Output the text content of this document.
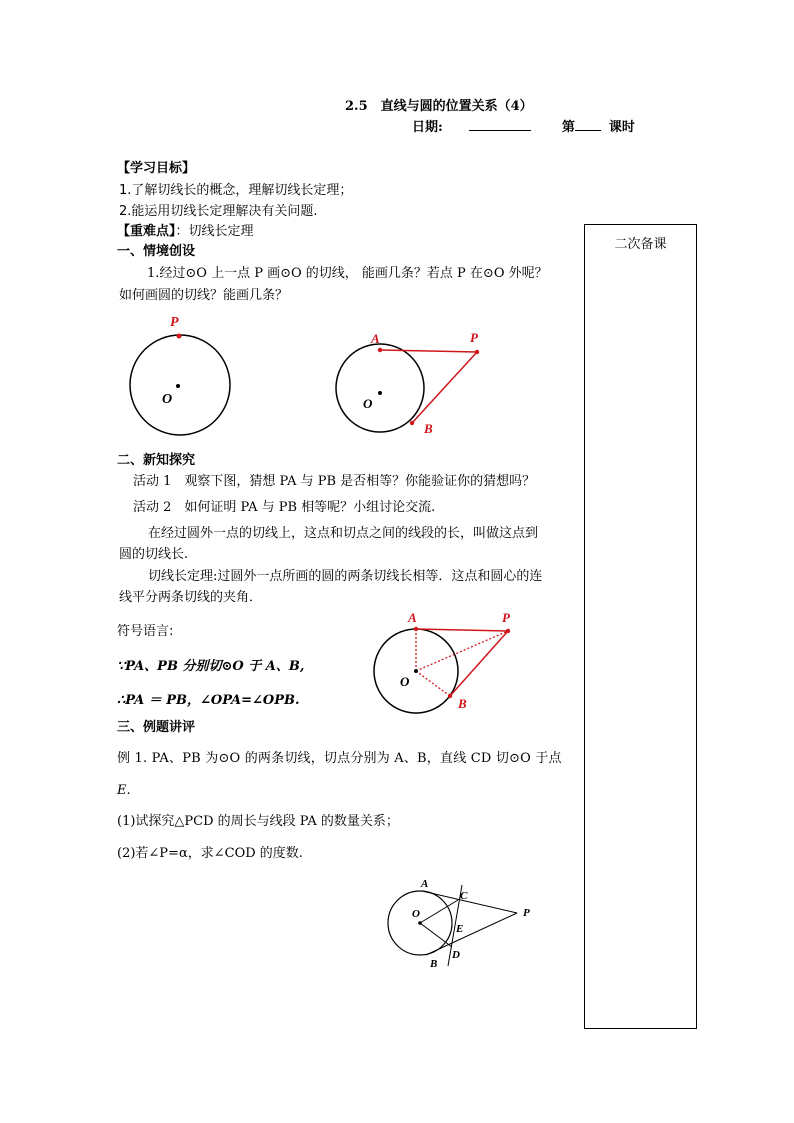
2.5　直线与圆的位置关系（4）
日期:	第	课时
【学习目标】
1.了解切线长的概念，理解切线长定理；
2.能运用切线长定理解决有关问题.
【重难点】：切线长定理
二次备课
一、情境创设
1.经过⊙O 上一点 P 画⊙O 的切线， 能画几条？若点 P 在⊙O 外呢？
如何画圆的切线？能画几条？
P
O
A	P
B
O
二、新知探究
活动 1　观察下图，猜想 PA 与 PB 是否相等？你能验证你的猜想吗？
活动 2　如何证明 PA 与 PB 相等呢？小组讨论交流.
在经过圆外一点的切线上，这点和切点之间的线段的长，叫做这点到
圆的切线长.
切线长定理:过圆外一点所画的圆的两条切线长相等．这点和圆心的连
线平分两条切线的夹角．
符号语言:
∵PA、PB 分别切⊙O 于 A、B,
∴PA ＝ PB，∠OPA=∠OPB.
A	P
B
O
三、例题讲评
例 1. PA、PB 为⊙O 的两条切线，切点分别为 A、B，直线 CD 切⊙O 于点
E.
(1)试探究△PCD 的周长与线段 PA 的数量关系；
(2)若∠P=α，求∠COD 的度数.
A
C
O
E
P
B
D
